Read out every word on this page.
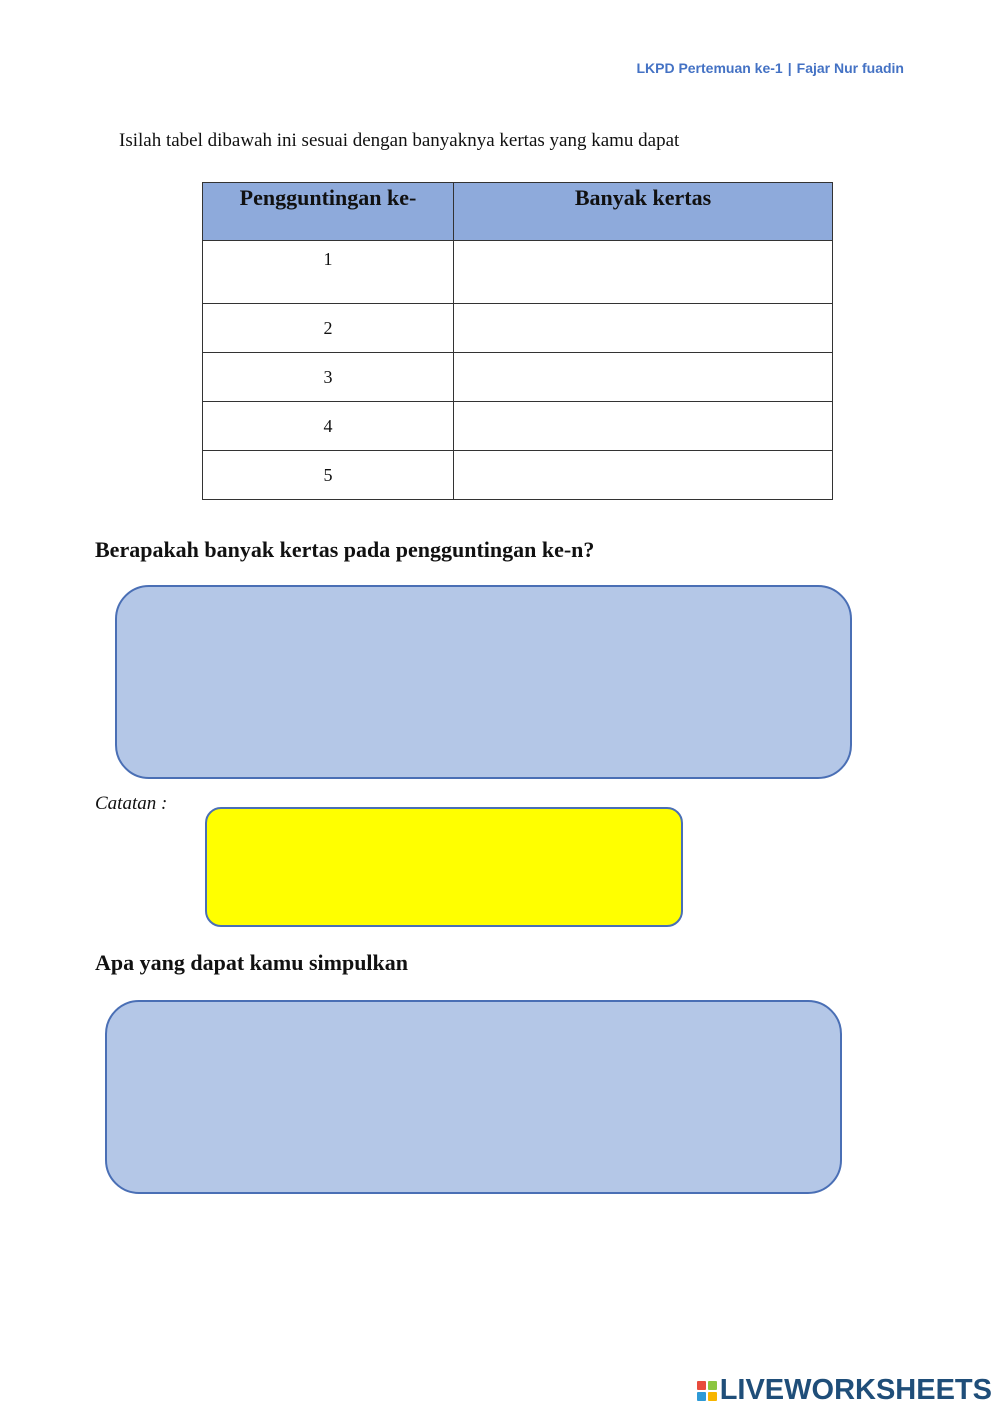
LKPD Pertemuan ke-1 | Fajar Nur fuadin
Isilah tabel dibawah ini sesuai dengan banyaknya kertas yang kamu dapat
Pengguntingan ke-	Banyak kertas
1	
2	
3	
4	
5	
Berapakah banyak kertas pada pengguntingan ke-n?
Catatan :
Apa yang dapat kamu simpulkan
LIVEWORKSHEETS
